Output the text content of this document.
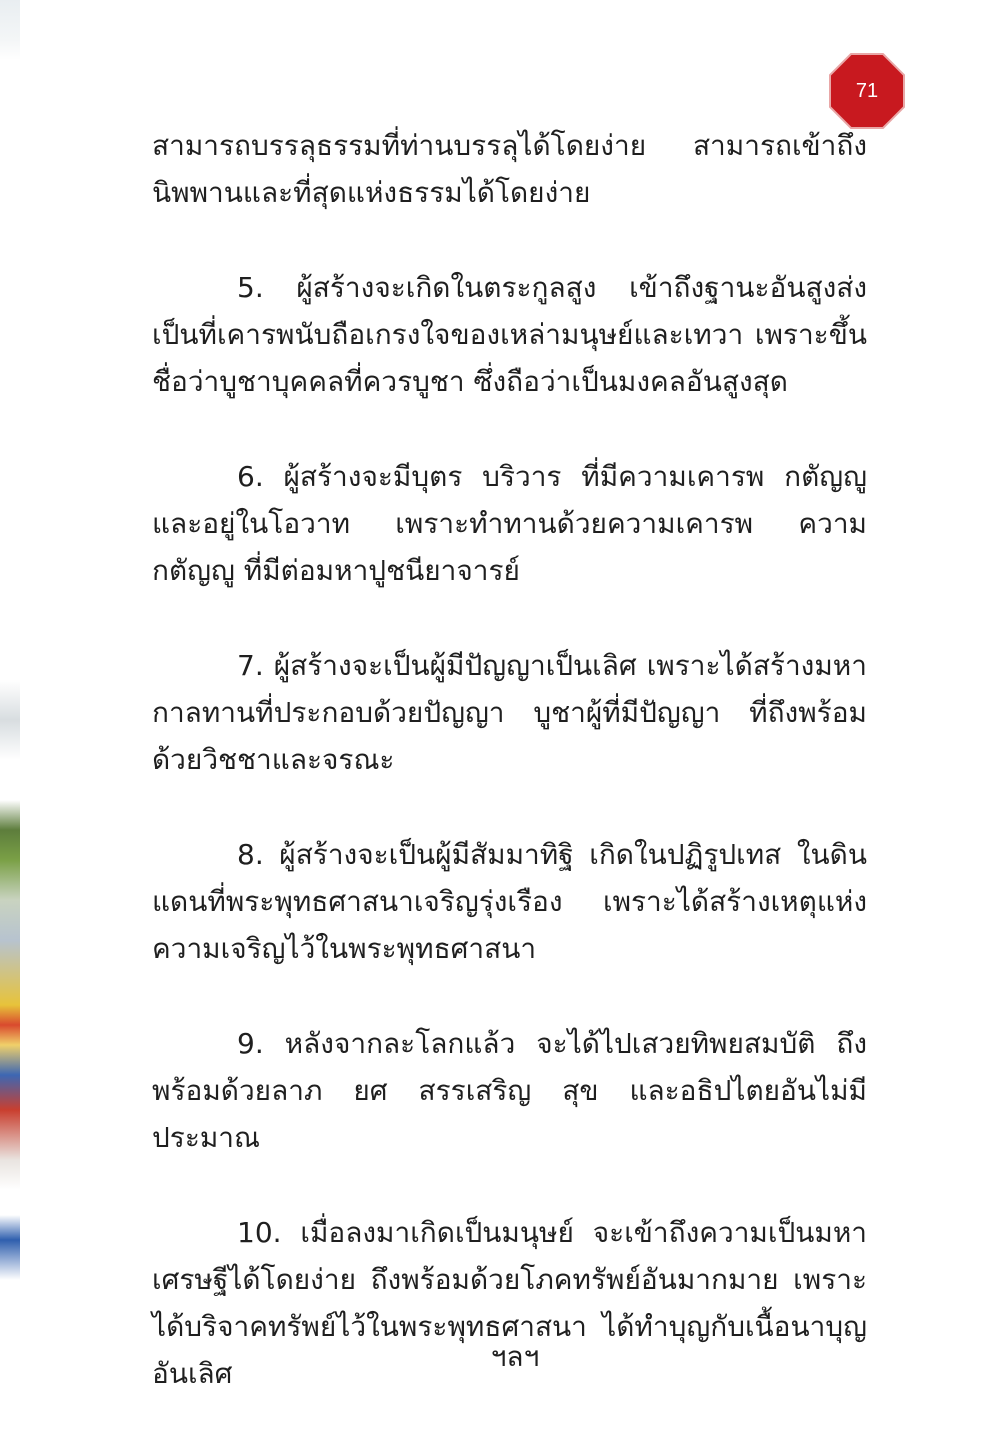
71

สามารถบรรลุธรรมที่ท่านบรรลุได้โดยง่าย สามารถเข้าถึงนิพพานและที่สุดแห่งธรรมได้โดยง่าย

5. ผู้สร้างจะเกิดในตระกูลสูง เข้าถึงฐานะอันสูงส่ง เป็นที่เคารพนับถือเกรงใจของเหล่ามนุษย์และเทวา เพราะขึ้นชื่อว่าบูชาบุคคลที่ควรบูชา ซึ่งถือว่าเป็นมงคลอันสูงสุด

6. ผู้สร้างจะมีบุตร บริวาร ที่มีความเคารพ กตัญญู และอยู่ในโอวาท เพราะทำทานด้วยความเคารพ ความกตัญญู ที่มีต่อมหาปูชนียาจารย์

7. ผู้สร้างจะเป็นผู้มีปัญญาเป็นเลิศ เพราะได้สร้างมหากาลทานที่ประกอบด้วยปัญญา บูชาผู้ที่มีปัญญา ที่ถึงพร้อมด้วยวิชชาและจรณะ

8. ผู้สร้างจะเป็นผู้มีสัมมาทิฐิ เกิดในปฏิรูปเทส ในดินแดนที่พระพุทธศาสนาเจริญรุ่งเรือง เพราะได้สร้างเหตุแห่งความเจริญไว้ในพระพุทธศาสนา

9. หลังจากละโลกแล้ว จะได้ไปเสวยทิพยสมบัติ ถึงพร้อมด้วยลาภ ยศ สรรเสริญ สุข และอธิปไตยอันไม่มีประมาณ

10. เมื่อลงมาเกิดเป็นมนุษย์ จะเข้าถึงความเป็นมหาเศรษฐีได้โดยง่าย ถึงพร้อมด้วยโภคทรัพย์อันมากมาย เพราะได้บริจาคทรัพย์ไว้ในพระพุทธศาสนา ได้ทำบุญกับเนื้อนาบุญอันเลิศ

ฯลฯ
